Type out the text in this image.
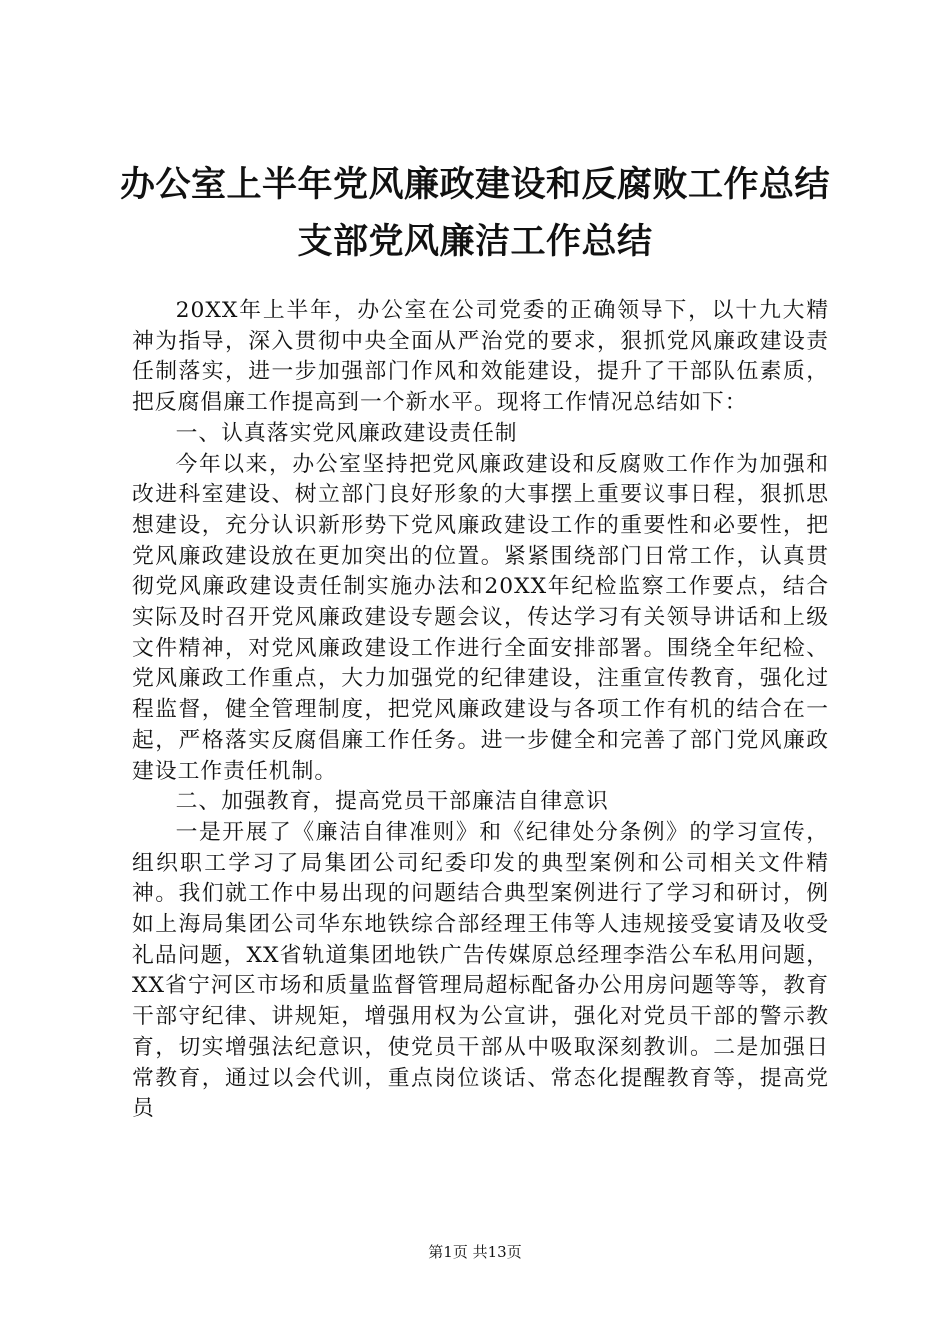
办公室上半年党风廉政建设和反腐败工作总结
支部党风廉洁工作总结

20XX年上半年，办公室在公司党委的正确领导下，以十九大精神为指导，深入贯彻中央全面从严治党的要求，狠抓党风廉政建设责任制落实，进一步加强部门作风和效能建设，提升了干部队伍素质，把反腐倡廉工作提高到一个新水平。现将工作情况总结如下：

一、认真落实党风廉政建设责任制

今年以来，办公室坚持把党风廉政建设和反腐败工作作为加强和改进科室建设、树立部门良好形象的大事摆上重要议事日程，狠抓思想建设，充分认识新形势下党风廉政建设工作的重要性和必要性，把党风廉政建设放在更加突出的位置。紧紧围绕部门日常工作，认真贯彻党风廉政建设责任制实施办法和20XX年纪检监察工作要点，结合实际及时召开党风廉政建设专题会议，传达学习有关领导讲话和上级文件精神，对党风廉政建设工作进行全面安排部署。围绕全年纪检、党风廉政工作重点，大力加强党的纪律建设，注重宣传教育，强化过程监督，健全管理制度，把党风廉政建设与各项工作有机的结合在一起，严格落实反腐倡廉工作任务。进一步健全和完善了部门党风廉政建设工作责任机制。

二、加强教育，提高党员干部廉洁自律意识

一是开展了《廉洁自律准则》和《纪律处分条例》的学习宣传，组织职工学习了局集团公司纪委印发的典型案例和公司相关文件精神。我们就工作中易出现的问题结合典型案例进行了学习和研讨，例如上海局集团公司华东地铁综合部经理王伟等人违规接受宴请及收受礼品问题，XX省轨道集团地铁广告传媒原总经理李浩公车私用问题，XX省宁河区市场和质量监督管理局超标配备办公用房问题等等，教育干部守纪律、讲规矩，增强用权为公宣讲，强化对党员干部的警示教育，切实增强法纪意识，使党员干部从中吸取深刻教训。二是加强日常教育，通过以会代训，重点岗位谈话、常态化提醒教育等，提高党员

第1页 共13页
